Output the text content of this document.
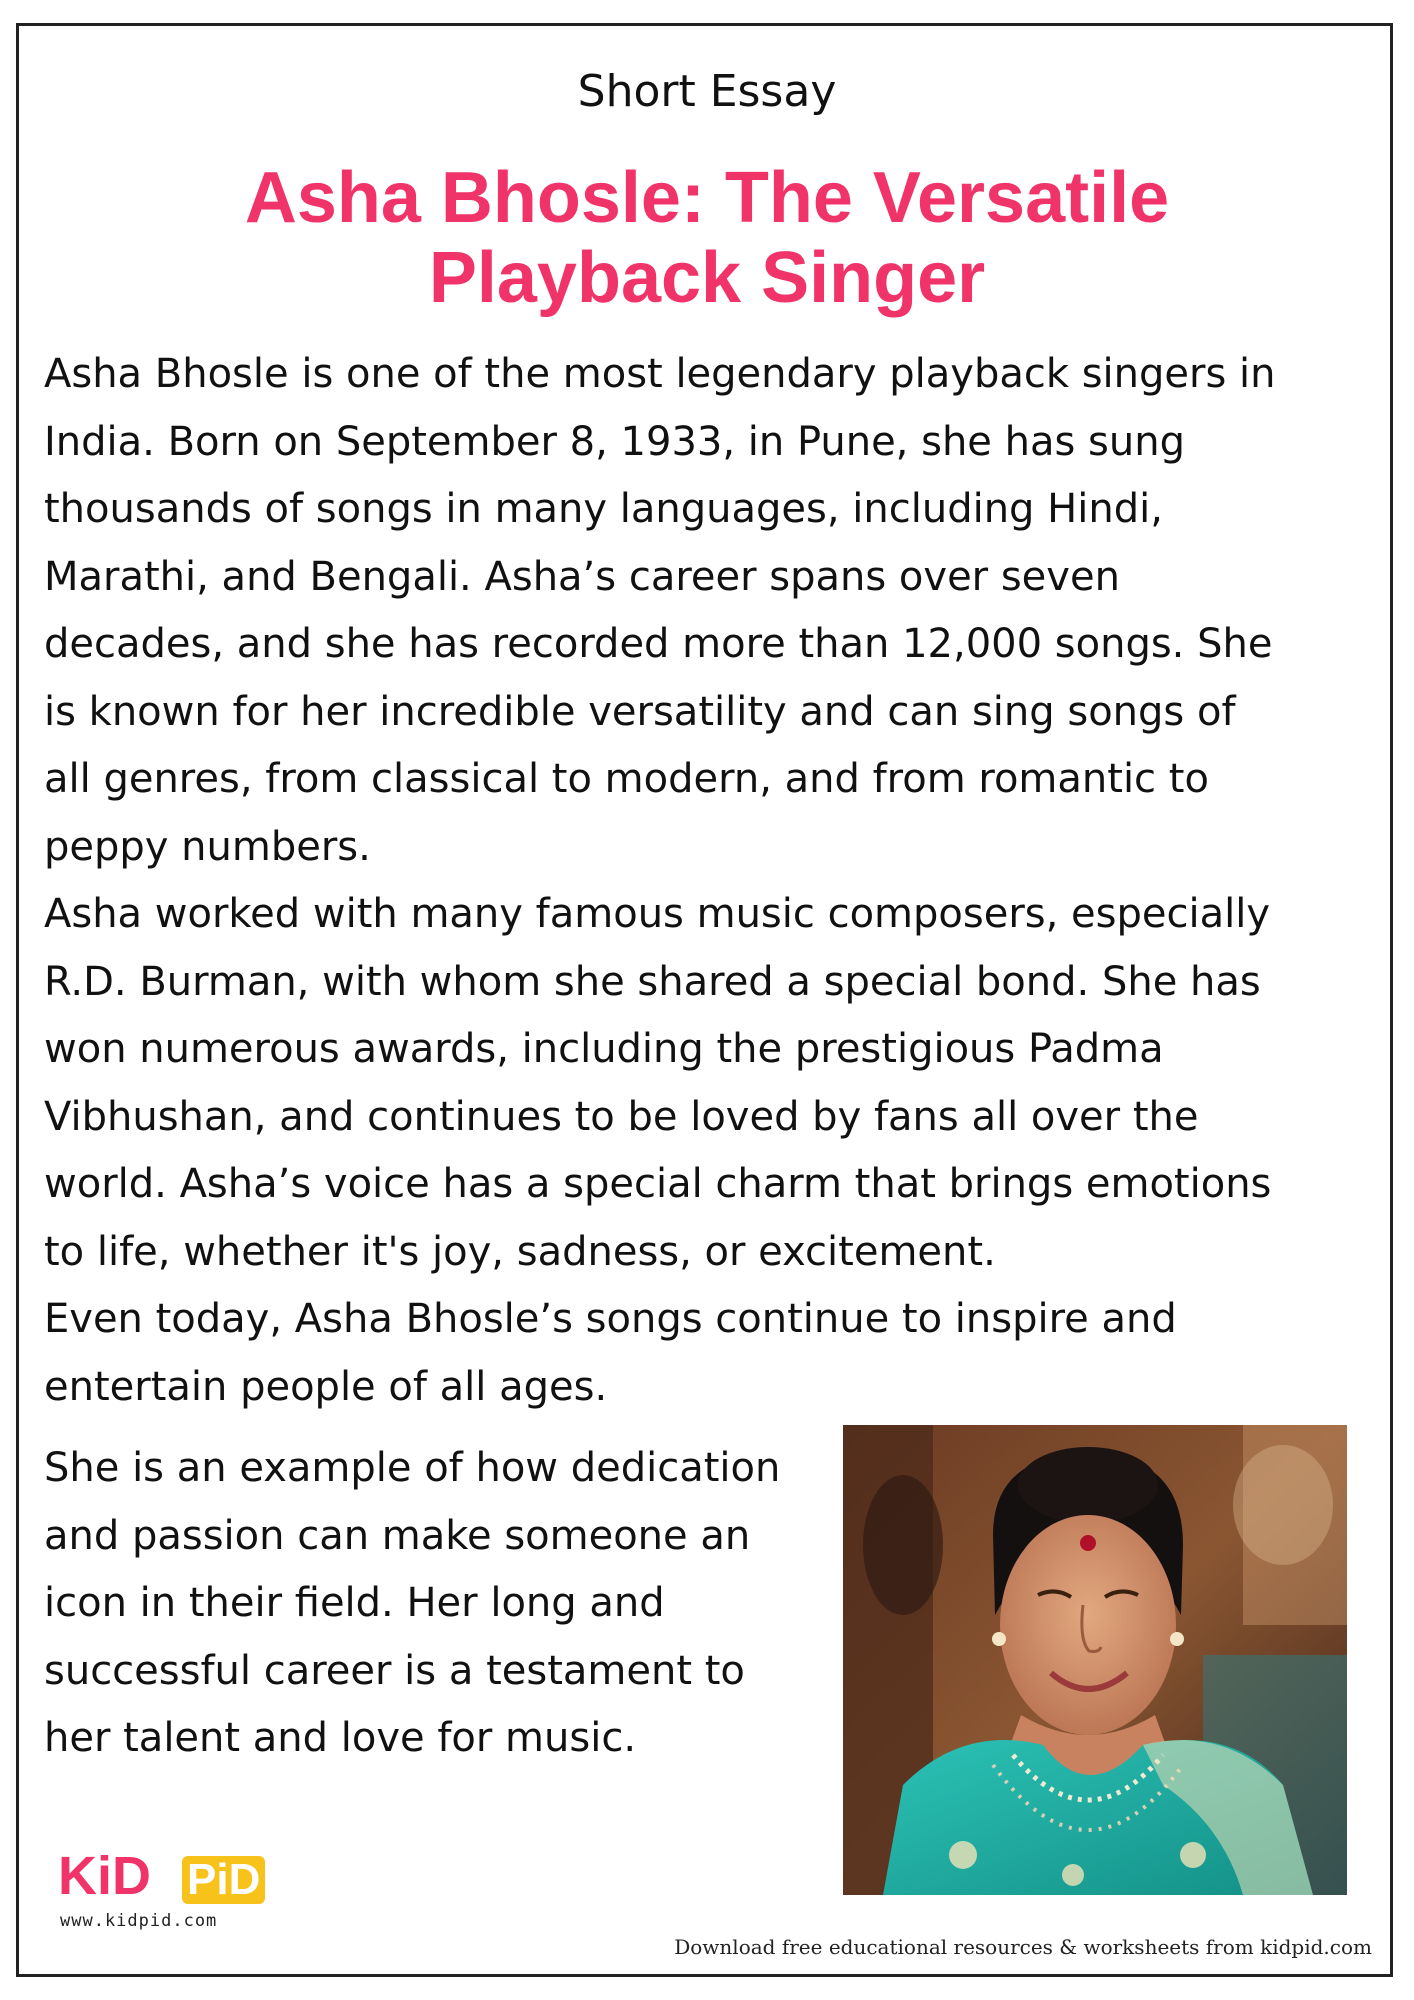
Short Essay
Asha Bhosle: The Versatile
Playback Singer

Asha Bhosle is one of the most legendary playback singers in
India. Born on September 8, 1933, in Pune, she has sung
thousands of songs in many languages, including Hindi,
Marathi, and Bengali. Asha’s career spans over seven
decades, and she has recorded more than 12,000 songs. She
is known for her incredible versatility and can sing songs of
all genres, from classical to modern, and from romantic to
peppy numbers.

Asha worked with many famous music composers, especially
R.D. Burman, with whom she shared a special bond. She has
won numerous awards, including the prestigious Padma
Vibhushan, and continues to be loved by fans all over the
world. Asha’s voice has a special charm that brings emotions
to life, whether it's joy, sadness, or excitement.

Even today, Asha Bhosle’s songs continue to inspire and
entertain people of all ages.

She is an example of how dedication
and passion can make someone an
icon in their field. Her long and
successful career is a testament to
her talent and love for music.

KiD PiD
www.kidpid.com
Download free educational resources & worksheets from kidpid.com
